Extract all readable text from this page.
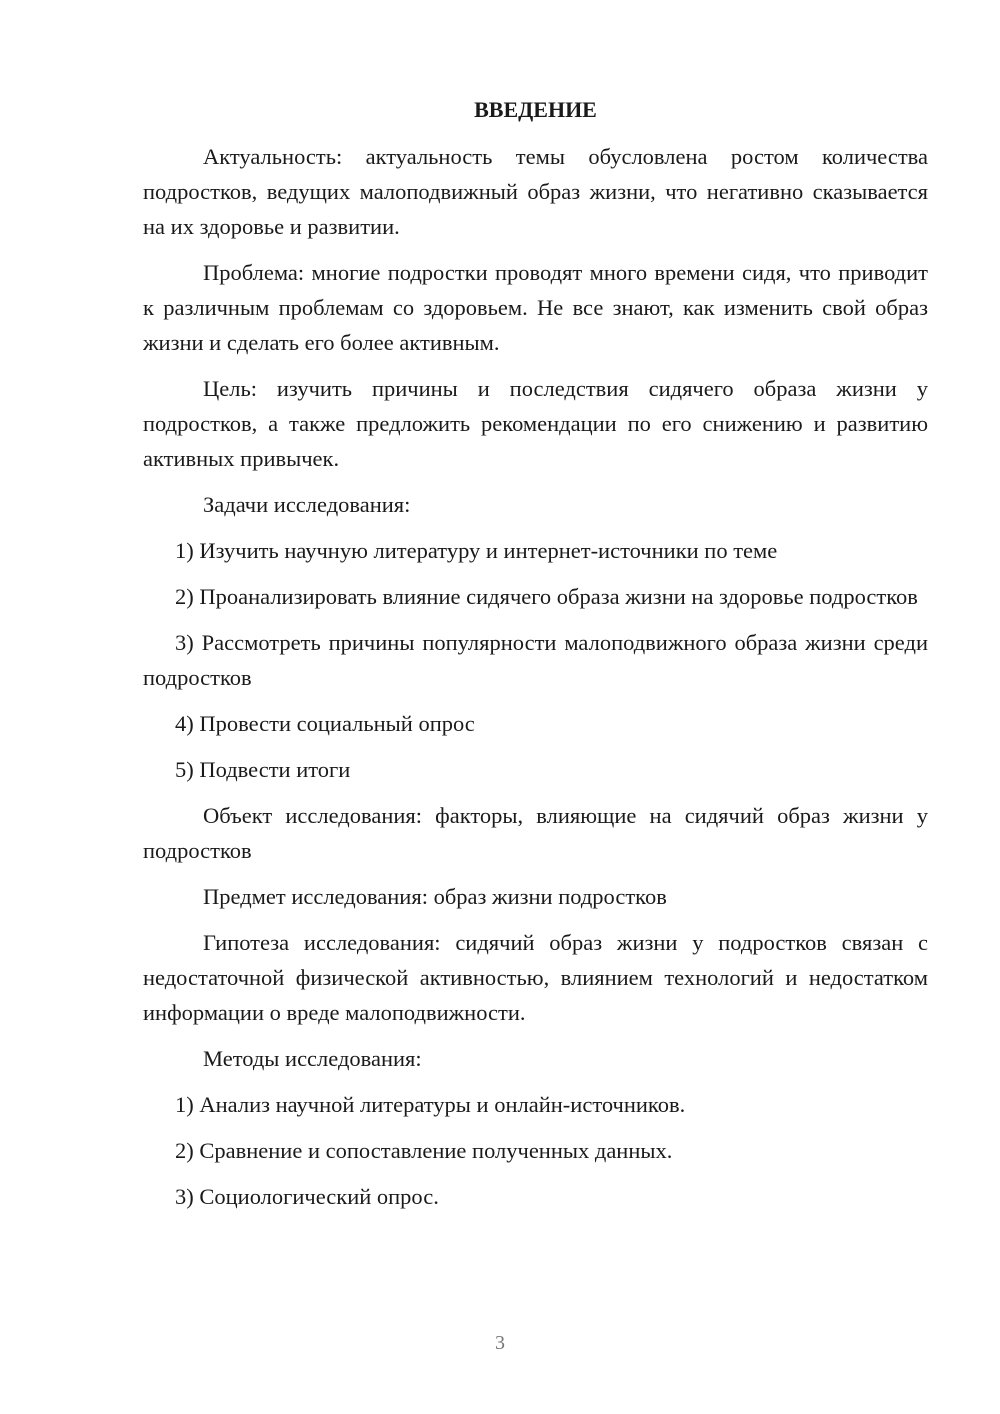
ВВЕДЕНИЕ

Актуальность: актуальность темы обусловлена ростом количества подростков, ведущих малоподвижный образ жизни, что негативно сказывается на их здоровье и развитии.

Проблема: многие подростки проводят много времени сидя, что приводит к различным проблемам со здоровьем. Не все знают, как изменить свой образ жизни и сделать его более активным.

Цель: изучить причины и последствия сидячего образа жизни у подростков, а также предложить рекомендации по его снижению и развитию активных привычек.

Задачи исследования:

1) Изучить научную литературу и интернет-источники по теме

2) Проанализировать влияние сидячего образа жизни на здоровье подростков

3) Рассмотреть причины популярности малоподвижного образа жизни среди подростков

4) Провести социальный опрос

5) Подвести итоги

Объект исследования: факторы, влияющие на сидячий образ жизни у подростков

Предмет исследования: образ жизни подростков

Гипотеза исследования: сидячий образ жизни у подростков связан с недостаточной физической активностью, влиянием технологий и недостатком информации о вреде малоподвижности.

Методы исследования:

1) Анализ научной литературы и онлайн-источников.

2) Сравнение и сопоставление полученных данных.

3) Социологический опрос.

3
